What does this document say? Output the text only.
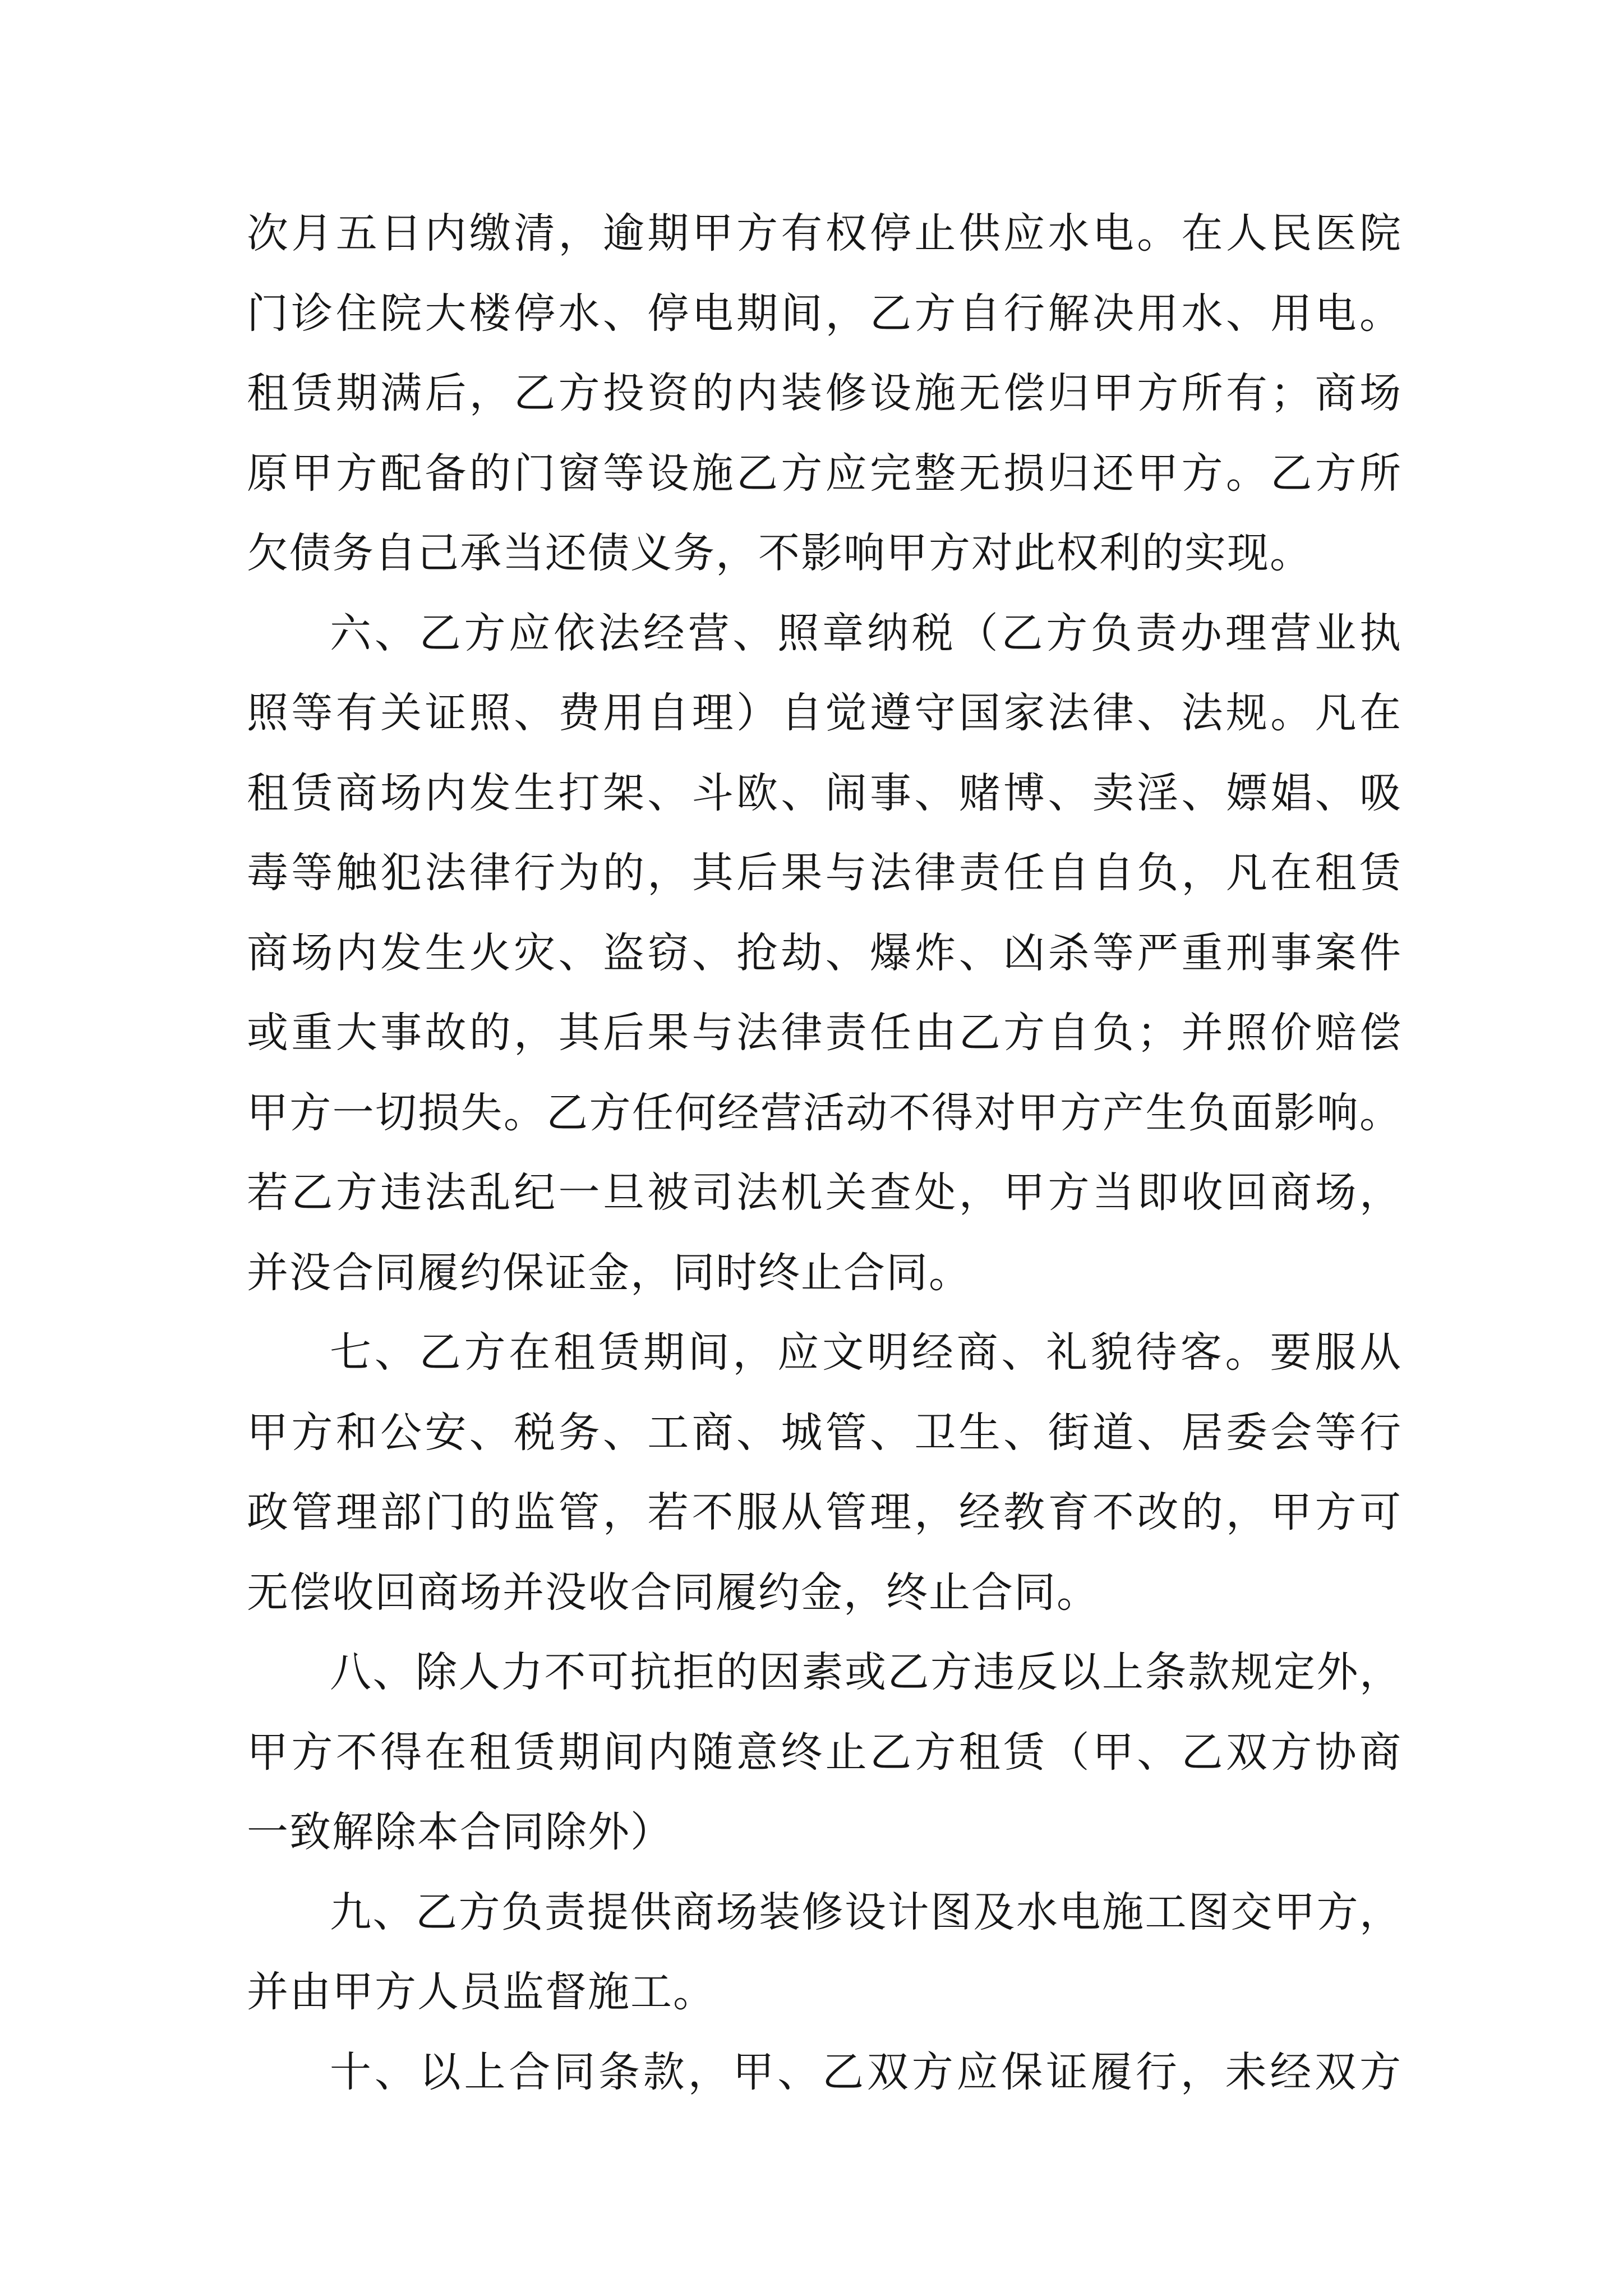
次月五日内缴清，逾期甲方有权停止供应水电。在人民医院
门诊住院大楼停水、停电期间，乙方自行解决用水、用电。
租赁期满后，乙方投资的内装修设施无偿归甲方所有；商场
原甲方配备的门窗等设施乙方应完整无损归还甲方。乙方所
欠债务自己承当还债义务，不影响甲方对此权利的实现。
六、乙方应依法经营、照章纳税（乙方负责办理营业执
照等有关证照、费用自理）自觉遵守国家法律、法规。凡在
租赁商场内发生打架、斗欧、闹事、赌博、卖淫、嫖娼、吸
毒等触犯法律行为的，其后果与法律责任自自负，凡在租赁
商场内发生火灾、盗窃、抢劫、爆炸、凶杀等严重刑事案件
或重大事故的，其后果与法律责任由乙方自负；并照价赔偿
甲方一切损失。乙方任何经营活动不得对甲方产生负面影响。
若乙方违法乱纪一旦被司法机关查处，甲方当即收回商场，
并没合同履约保证金，同时终止合同。
七、乙方在租赁期间，应文明经商、礼貌待客。要服从
甲方和公安、税务、工商、城管、卫生、街道、居委会等行
政管理部门的监管，若不服从管理，经教育不改的，甲方可
无偿收回商场并没收合同履约金，终止合同。
八、除人力不可抗拒的因素或乙方违反以上条款规定外，
甲方不得在租赁期间内随意终止乙方租赁（甲、乙双方协商
一致解除本合同除外）
九、乙方负责提供商场装修设计图及水电施工图交甲方，
并由甲方人员监督施工。
十、以上合同条款，甲、乙双方应保证履行，未经双方
